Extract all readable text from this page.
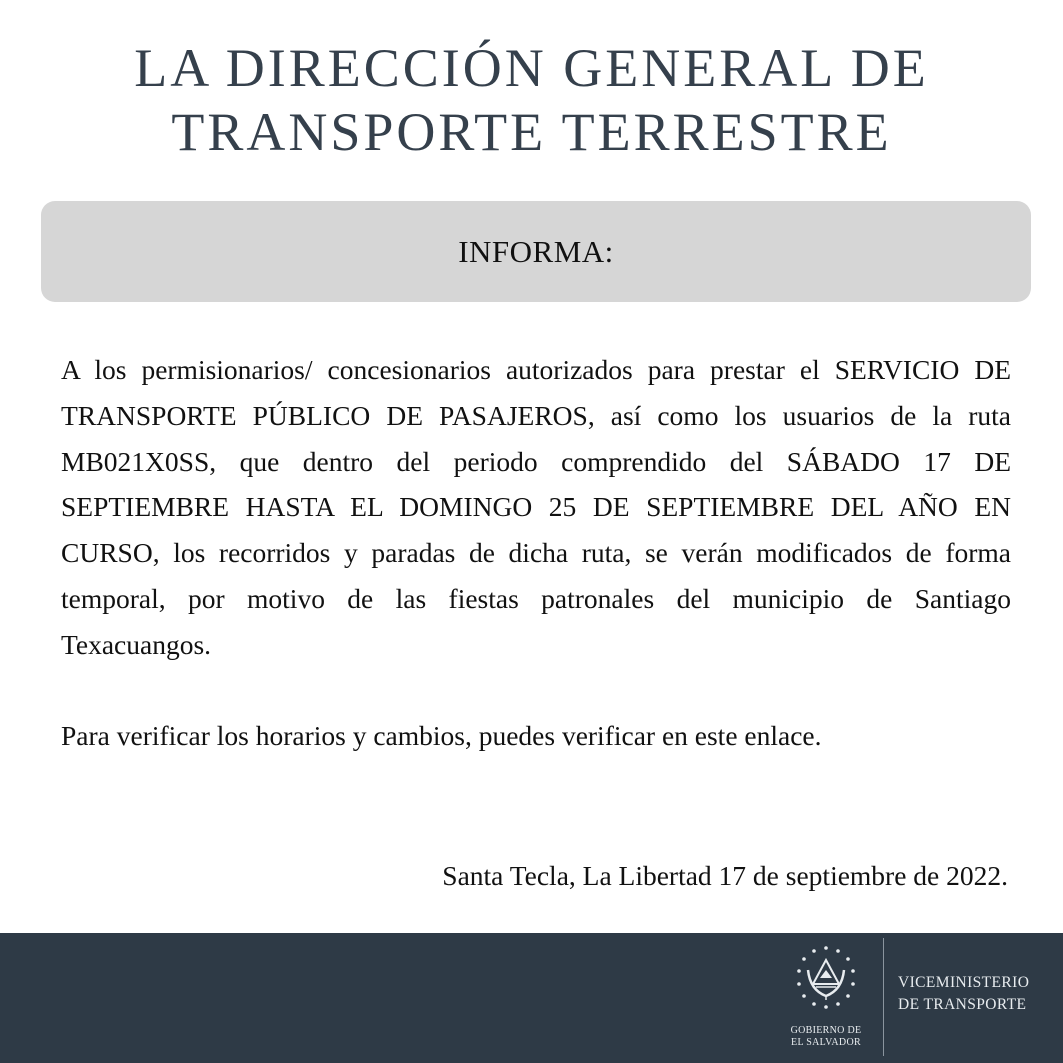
LA DIRECCIÓN GENERAL DE
TRANSPORTE TERRESTRE
INFORMA:

A los permisionarios/ concesionarios autorizados para prestar el SERVICIO DE TRANSPORTE PÚBLICO DE PASAJEROS, así como los usuarios de la ruta MB021X0SS, que dentro del periodo comprendido del SÁBADO 17 DE SEPTIEMBRE HASTA EL DOMINGO 25 DE SEPTIEMBRE DEL AÑO EN CURSO, los recorridos y paradas de dicha ruta, se verán modificados de forma temporal, por motivo de las fiestas patronales del municipio de Santiago Texacuangos.

Para verificar los horarios y cambios, puedes verificar en este enlace.

Santa Tecla, La Libertad 17 de septiembre de 2022.
GOBIERNO DE
EL SALVADOR
VICEMINISTERIO
DE TRANSPORTE
